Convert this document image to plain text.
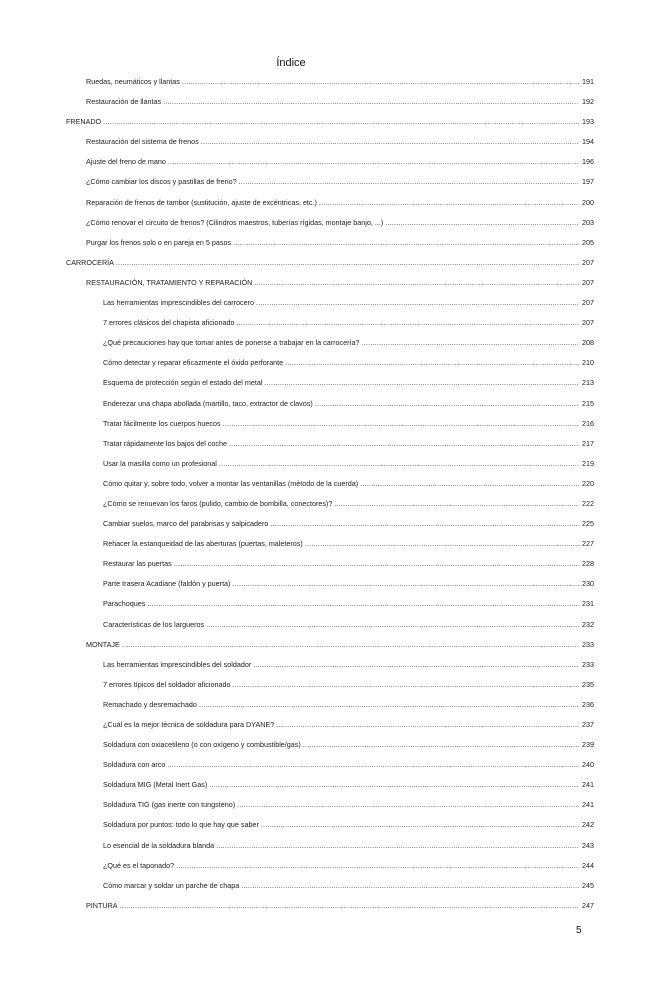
Índice
Ruedas, neumáticos y llantas .....	191
Restauración de llantas .....	192
FRENADO .....	193
Restauración del sistema de frenos .....	194
Ajuste del freno de mano .....	196
¿Cómo cambiar los discos y pastillas de freno? .....	197
Reparación de frenos de tambor (sustitución, ajuste de excéntricas, etc.) .....	200
¿Cómo renovar el circuito de frenos? (Cilindros maestros, tuberías rígidas, montaje banjo, ...) .....	203
Purgar los frenos solo o en pareja en 5 pasos .....	205
CARROCERÍA .....	207
RESTAURACIÓN, TRATAMIENTO Y REPARACIÓN .....	207
Las herramientas imprescindibles del carrocero .....	207
7 errores clásicos del chapista aficionado .....	207
¿Qué precauciones hay que tomar antes de ponerse a trabajar en la carrocería? .....	208
Cómo detectar y reparar eficazmente el óxido perforante .....	210
Esquema de protección según el estado del metal .....	213
Enderezar una chapa abollada (martillo, taco, extractor de clavos) .....	215
Tratar fácilmente los cuerpos huecos .....	216
Tratar rápidamente los bajos del coche .....	217
Usar la masilla como un profesional .....	219
Cómo quitar y, sobre todo, volver a montar las ventanillas (método de la cuerda) .....	220
¿Cómo se renuevan los faros (pulido, cambio de bombilla, conectores)? .....	222
Cambiar suelos, marco del parabrisas y salpicadero .....	225
Rehacer la estanqueidad de las aberturas (puertas, maleteros) .....	227
Restaurar las puertas .....	228
Parte trasera Acadiane (faldón y puerta) .....	230
Parachoques .....	231
Características de los largueros .....	232
MONTAJE .....	233
Las herramientas imprescindibles del soldador .....	233
7 errores típicos del soldador aficionado .....	235
Remachado y desremachado .....	236
¿Cuál es la mejor técnica de soldadura para DYANE? .....	237
Soldadura con oxiacetileno (o con oxígeno y combustible/gas) .....	239
Soldadura con arco .....	240
Soldadura MIG (Metal Inert Gas) .....	241
Soldadura TIG (gas inerte con tungsteno) .....	241
Soldadura por puntos: todo lo que hay que saber .....	242
Lo esencial de la soldadura blanda .....	243
¿Qué es el taponado? .....	244
Cómo marcar y soldar un parche de chapa .....	245
PINTURA .....	247
5
